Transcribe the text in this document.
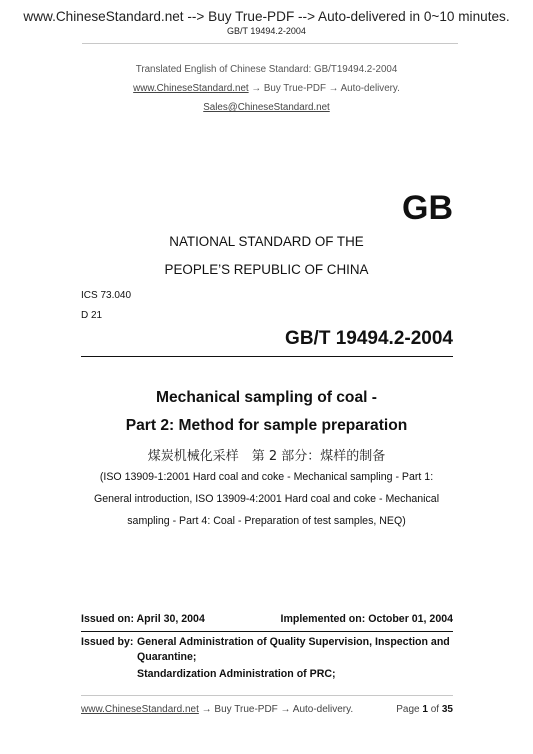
www.ChineseStandard.net --> Buy True-PDF --> Auto-delivered in 0~10 minutes.
GB/T 19494.2-2004
Translated English of Chinese Standard: GB/T19494.2-2004
www.ChineseStandard.net → Buy True-PDF → Auto-delivery.
Sales@ChineseStandard.net
GB
NATIONAL STANDARD OF THE
PEOPLE’S REPUBLIC OF CHINA
ICS 73.040
D 21
GB/T 19494.2-2004
Mechanical sampling of coal -
Part 2: Method for sample preparation
煤炭机械化采样　第 2 部分：煤样的制备
(ISO 13909-1:2001 Hard coal and coke - Mechanical sampling - Part 1:
General introduction, ISO 13909-4:2001 Hard coal and coke - Mechanical
sampling - Part 4: Coal - Preparation of test samples, NEQ)
Issued on: April 30, 2004	Implemented on: October 01, 2004
Issued by: General Administration of Quality Supervision, Inspection and
Quarantine;
Standardization Administration of PRC;
www.ChineseStandard.net → Buy True-PDF → Auto-delivery.	Page 1 of 35
